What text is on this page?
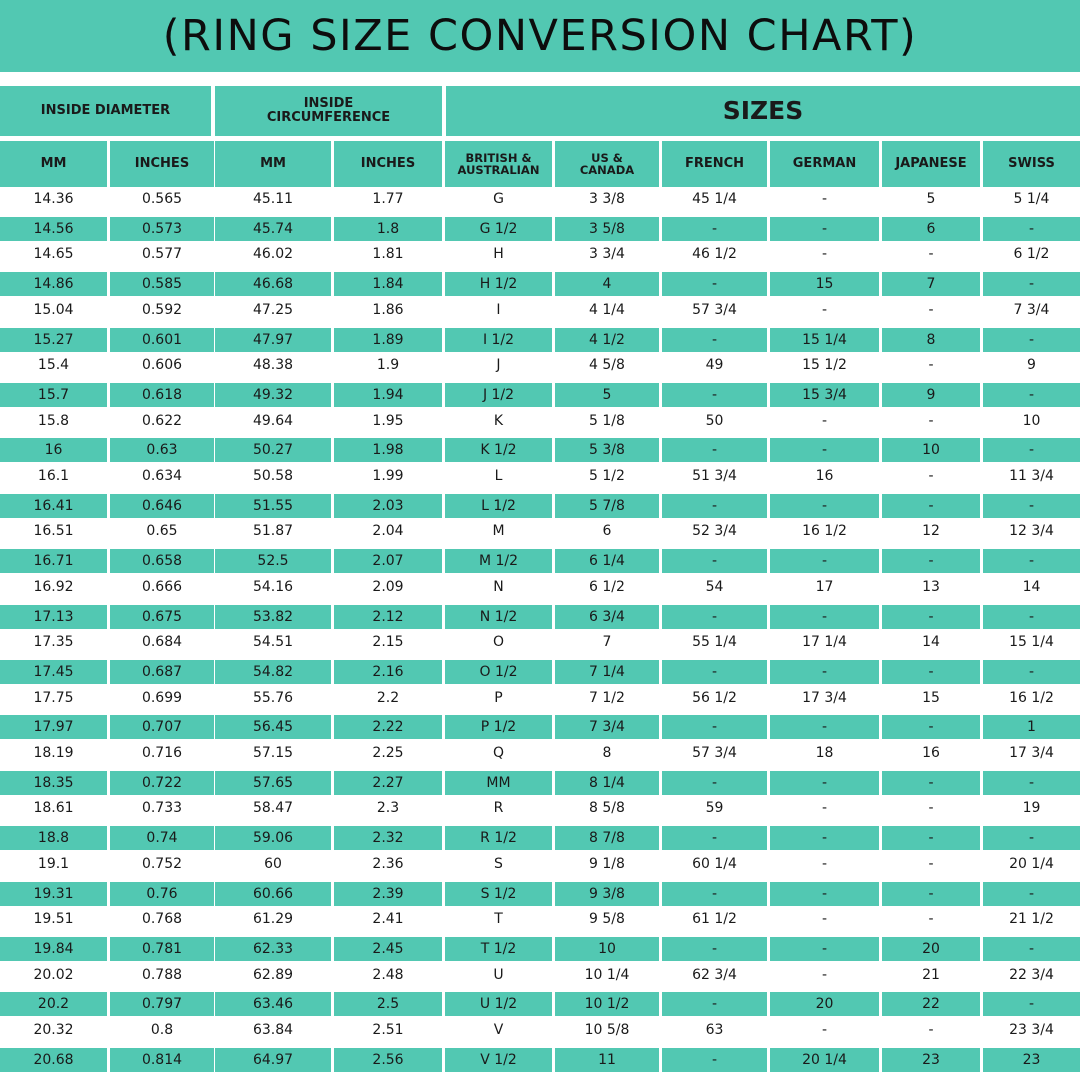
(RING SIZE CONVERSION CHART)
INSIDE DIAMETER	INSIDE
CIRCUMFERENCE	SIZES
MM	INCHES	MM	INCHES	BRITISH &
AUSTRALIAN
US &
CANADA	FRENCH	GERMAN	JAPANESE	SWISS
14.36	0.565	45.11	1.77	G	3 3/8	45 1/4	-	5	5 1/4
14.56	0.573	45.74	1.8	G 1/2	3 5/8	-	-	6	-
14.65	0.577	46.02	1.81	H	3 3/4	46 1/2	-	-	6 1/2
14.86	0.585	46.68	1.84	H 1/2	4	-	15	7	-
15.04	0.592	47.25	1.86	I	4 1/4	57 3/4	-	-	7 3/4
15.27	0.601	47.97	1.89	I 1/2	4 1/2	-	15 1/4	8	-
15.4	0.606	48.38	1.9	J	4 5/8	49	15 1/2	-	9
15.7	0.618	49.32	1.94	J 1/2	5	-	15 3/4	9	-
15.8	0.622	49.64	1.95	K	5 1/8	50	-	-	10
16	0.63	50.27	1.98	K 1/2	5 3/8	-	-	10	-
16.1	0.634	50.58	1.99	L	5 1/2	51 3/4	16	-	11 3/4
16.41	0.646	51.55	2.03	L 1/2	5 7/8	-	-	-	-
16.51	0.65	51.87	2.04	M	6	52 3/4	16 1/2	12	12 3/4
16.71	0.658	52.5	2.07	M 1/2	6 1/4	-	-	-	-
16.92	0.666	54.16	2.09	N	6 1/2	54	17	13	14
17.13	0.675	53.82	2.12	N 1/2	6 3/4	-	-	-	-
17.35	0.684	54.51	2.15	O	7	55 1/4	17 1/4	14	15 1/4
17.45	0.687	54.82	2.16	O 1/2	7 1/4	-	-	-	-
17.75	0.699	55.76	2.2	P	7 1/2	56 1/2	17 3/4	15	16 1/2
17.97	0.707	56.45	2.22	P 1/2	7 3/4	-	-	-	1
18.19	0.716	57.15	2.25	Q	8	57 3/4	18	16	17 3/4
18.35	0.722	57.65	2.27	MM	8 1/4	-	-	-	-
18.61	0.733	58.47	2.3	R	8 5/8	59	-	-	19
18.8	0.74	59.06	2.32	R 1/2	8 7/8	-	-	-	-
19.1	0.752	60	2.36	S	9 1/8	60 1/4	-	-	20 1/4
19.31	0.76	60.66	2.39	S 1/2	9 3/8	-	-	-	-
19.51	0.768	61.29	2.41	T	9 5/8	61 1/2	-	-	21 1/2
19.84	0.781	62.33	2.45	T 1/2	10	-	-	20	-
20.02	0.788	62.89	2.48	U	10 1/4	62 3/4	-	21	22 3/4
20.2	0.797	63.46	2.5	U 1/2	10 1/2	-	20	22	-
20.32	0.8	63.84	2.51	V	10 5/8	63	-	-	23 3/4
20.68	0.814	64.97	2.56	V 1/2	11	-	20 1/4	23	23
